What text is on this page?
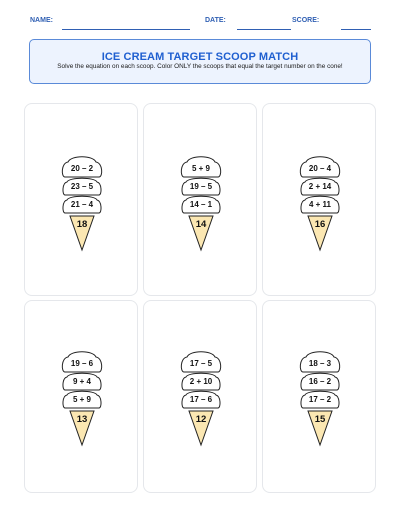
NAME:	DATE:	SCORE:
ICE CREAM TARGET SCOOP MATCH
Solve the equation on each scoop. Color ONLY the scoops that equal the target number on the cone!
20 – 2
23 – 5
21 – 4
18
5 + 9
19 – 5
14 – 1
14
20 – 4
2 + 14
4 + 11
16
19 – 6
9 + 4
5 + 9
13
17 – 5
2 + 10
17 – 6
12
18 – 3
16 – 2
17 – 2
15
